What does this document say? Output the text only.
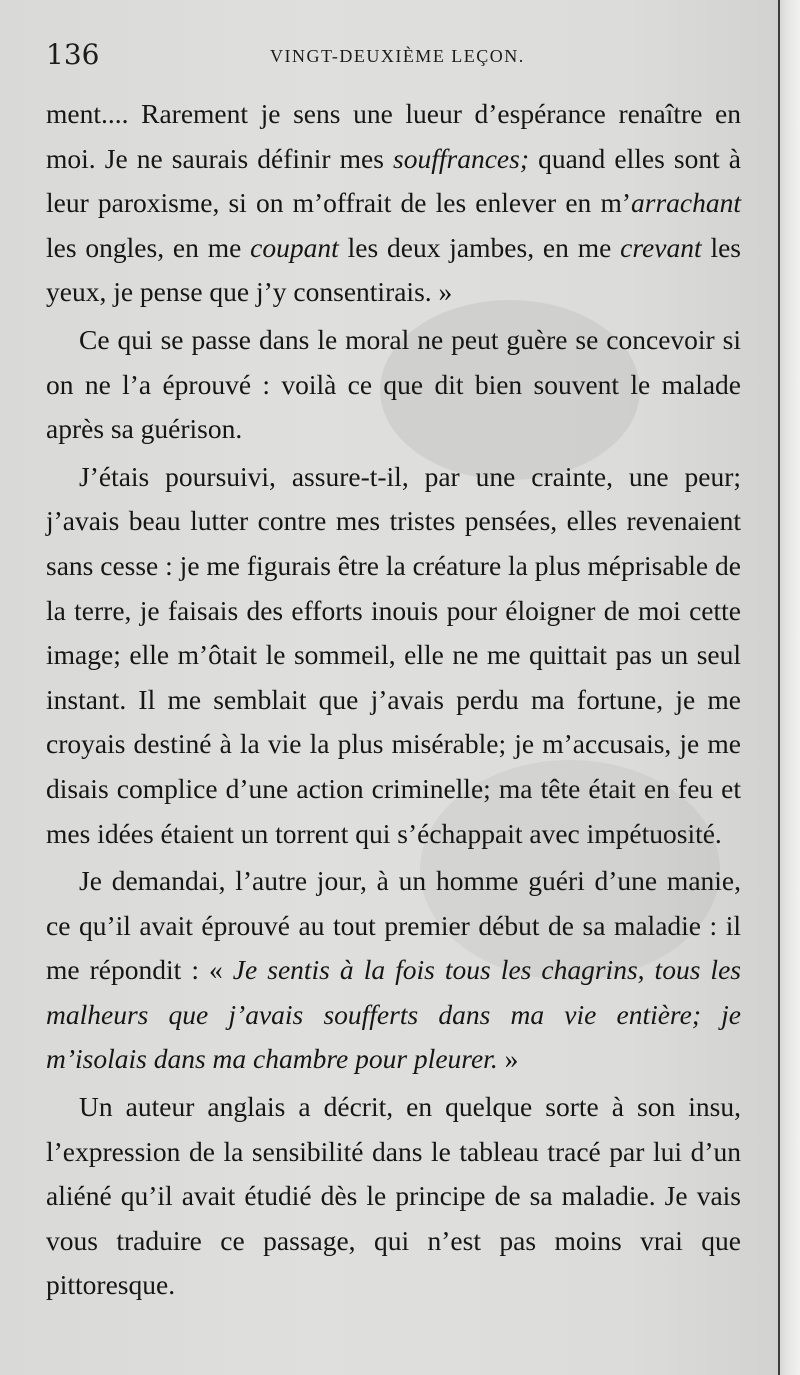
136	VINGT-DEUXIÈME LEÇON.

ment.... Rarement je sens une lueur d’espérance renaître en moi. Je ne saurais définir mes souffrances; quand elles sont à leur paroxisme, si on m’offrait de les enlever en m’arrachant les ongles, en me coupant les deux jambes, en me crevant les yeux, je pense que j’y consentirais. »

Ce qui se passe dans le moral ne peut guère se concevoir si on ne l’a éprouvé : voilà ce que dit bien souvent le malade après sa guérison.

J’étais poursuivi, assure-t-il, par une crainte, une peur; j’avais beau lutter contre mes tristes pensées, elles revenaient sans cesse : je me figurais être la créature la plus méprisable de la terre, je faisais des efforts inouis pour éloigner de moi cette image; elle m’ôtait le sommeil, elle ne me quittait pas un seul instant. Il me semblait que j’avais perdu ma fortune, je me croyais destiné à la vie la plus misérable; je m’accusais, je me disais complice d’une action criminelle; ma tête était en feu et mes idées étaient un torrent qui s’échappait avec impétuosité.

Je demandai, l’autre jour, à un homme guéri d’une manie, ce qu’il avait éprouvé au tout premier début de sa maladie : il me répondit : « Je sentis à la fois tous les chagrins, tous les malheurs que j’avais soufferts dans ma vie entière; je m’isolais dans ma chambre pour pleurer. »

Un auteur anglais a décrit, en quelque sorte à son insu, l’expression de la sensibilité dans le tableau tracé par lui d’un aliéné qu’il avait étudié dès le principe de sa maladie. Je vais vous traduire ce passage, qui n’est pas moins vrai que pittoresque.
